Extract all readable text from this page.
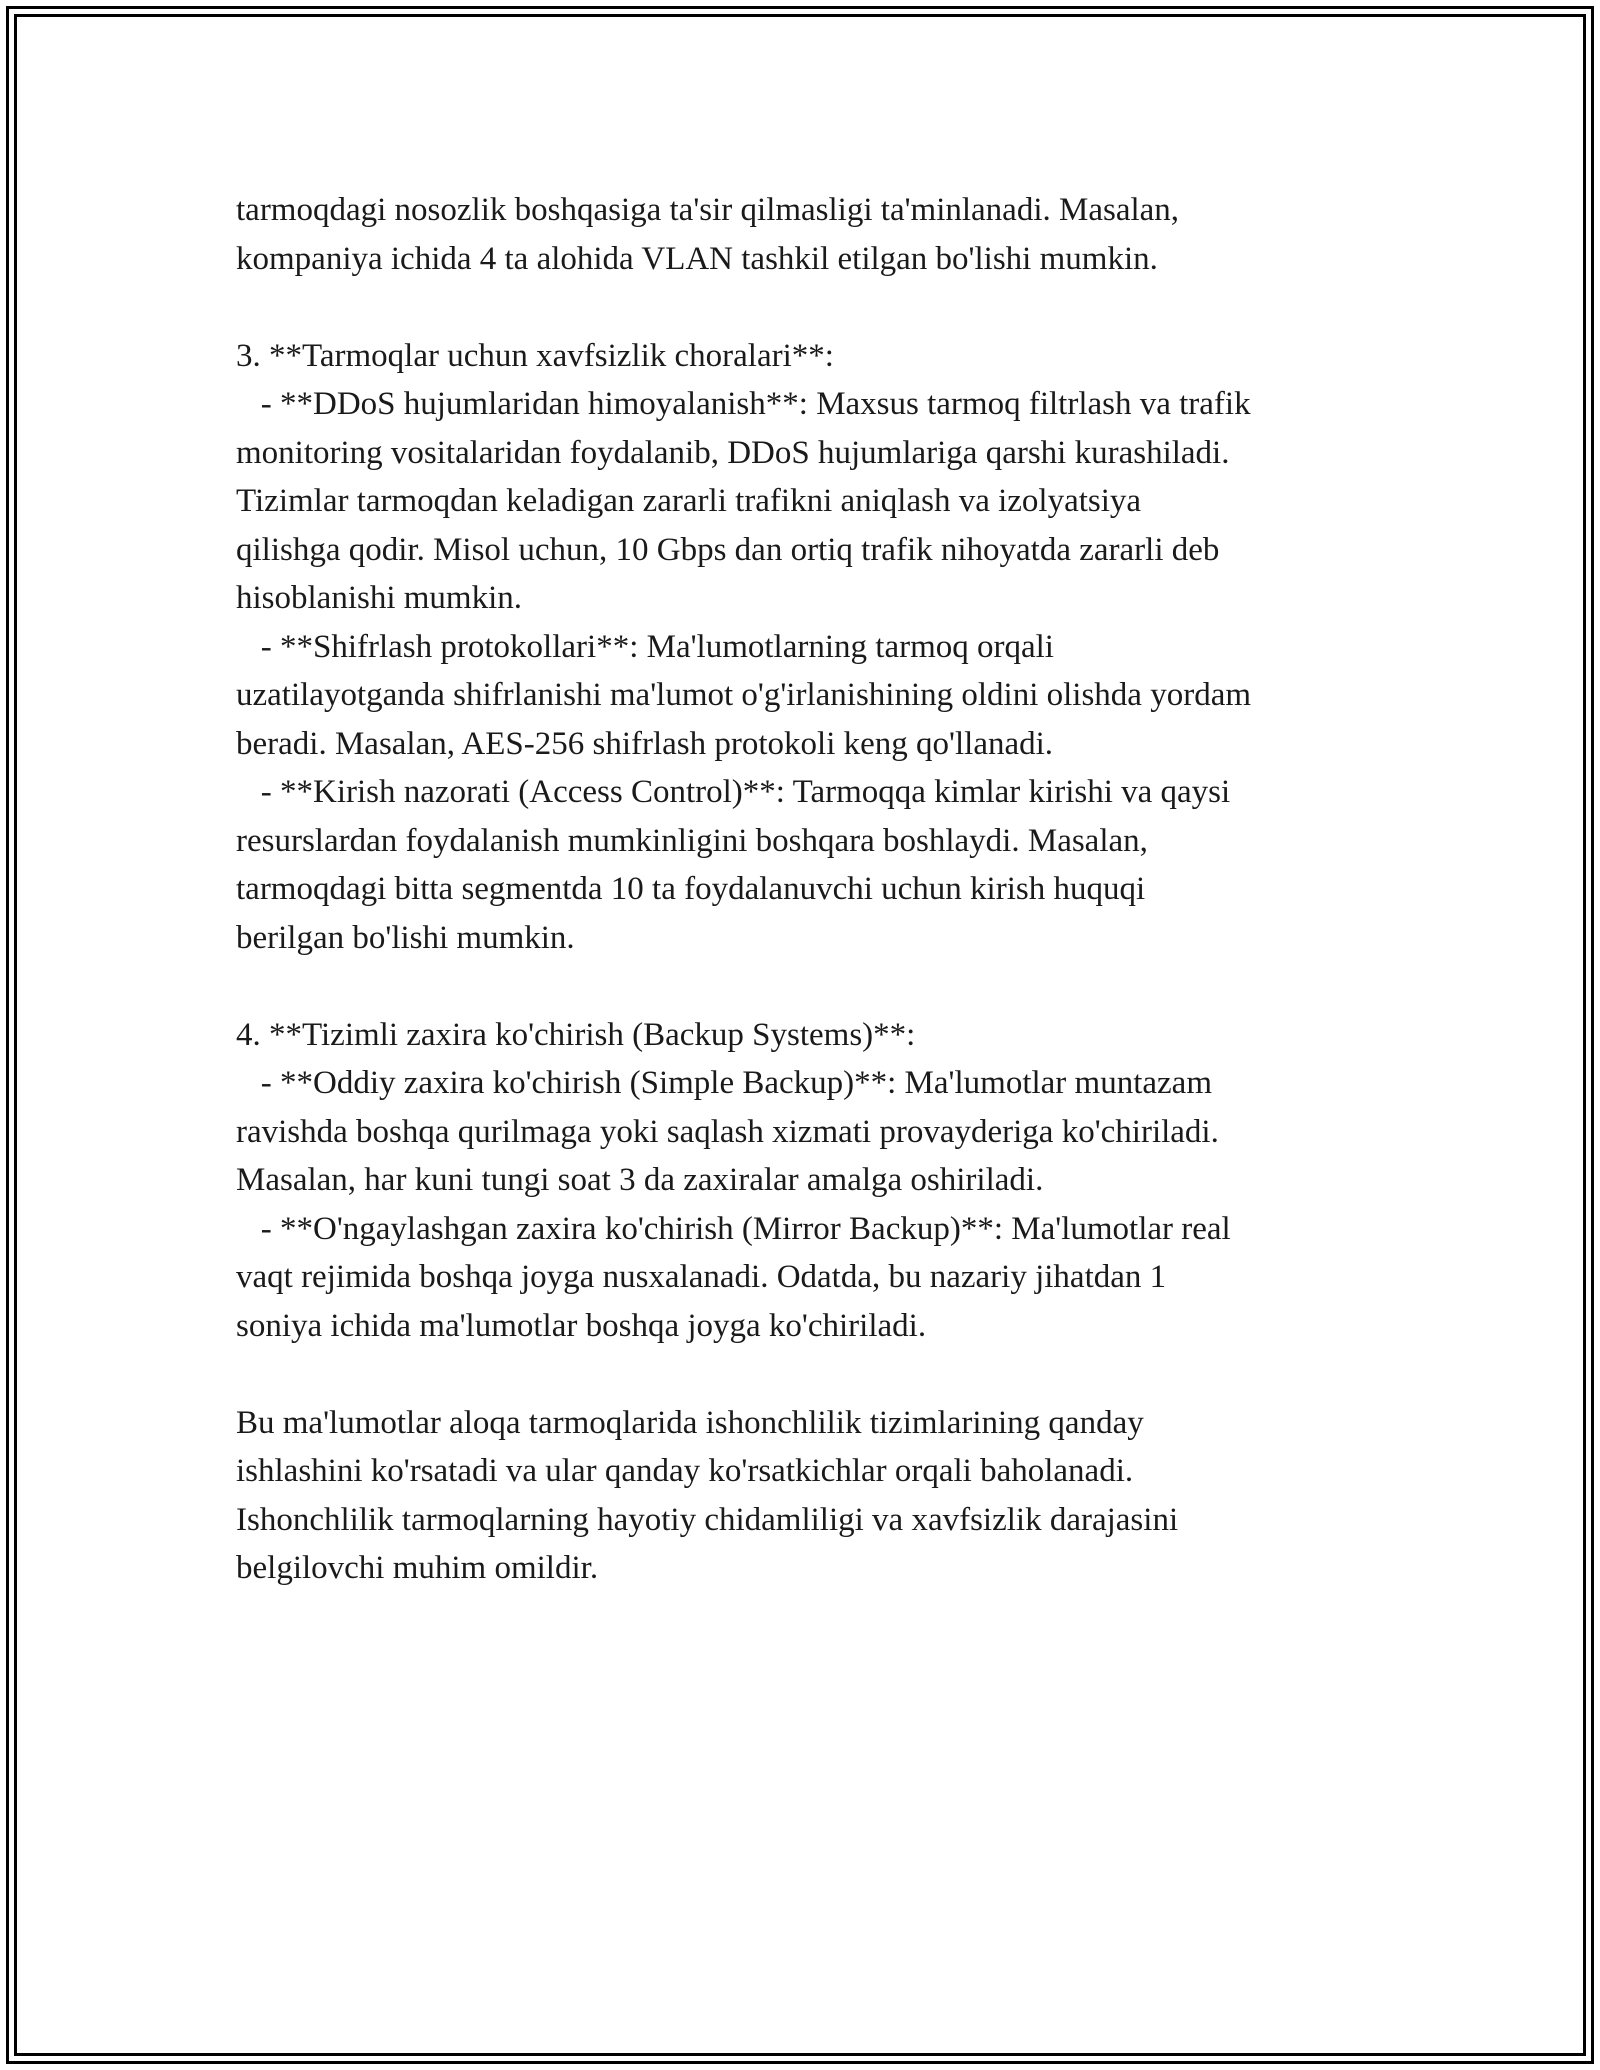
tarmoqdagi nosozlik boshqasiga ta'sir qilmasligi ta'minlanadi. Masalan,
kompaniya ichida 4 ta alohida VLAN tashkil etilgan bo'lishi mumkin.
3. **Tarmoqlar uchun xavfsizlik choralari**:
- **DDoS hujumlaridan himoyalanish**: Maxsus tarmoq filtrlash va trafik
monitoring vositalaridan foydalanib, DDoS hujumlariga qarshi kurashiladi.
Tizimlar tarmoqdan keladigan zararli trafikni aniqlash va izolyatsiya
qilishga qodir. Misol uchun, 10 Gbps dan ortiq trafik nihoyatda zararli deb
hisoblanishi mumkin.
- **Shifrlash protokollari**: Ma'lumotlarning tarmoq orqali
uzatilayotganda shifrlanishi ma'lumot o'g'irlanishining oldini olishda yordam
beradi. Masalan, AES-256 shifrlash protokoli keng qo'llanadi.
- **Kirish nazorati (Access Control)**: Tarmoqqa kimlar kirishi va qaysi
resurslardan foydalanish mumkinligini boshqara boshlaydi. Masalan,
tarmoqdagi bitta segmentda 10 ta foydalanuvchi uchun kirish huquqi
berilgan bo'lishi mumkin.
4. **Tizimli zaxira ko'chirish (Backup Systems)**:
- **Oddiy zaxira ko'chirish (Simple Backup)**: Ma'lumotlar muntazam
ravishda boshqa qurilmaga yoki saqlash xizmati provayderiga ko'chiriladi.
Masalan, har kuni tungi soat 3 da zaxiralar amalga oshiriladi.
- **O'ngaylashgan zaxira ko'chirish (Mirror Backup)**: Ma'lumotlar real
vaqt rejimida boshqa joyga nusxalanadi. Odatda, bu nazariy jihatdan 1
soniya ichida ma'lumotlar boshqa joyga ko'chiriladi.
Bu ma'lumotlar aloqa tarmoqlarida ishonchlilik tizimlarining qanday
ishlashini ko'rsatadi va ular qanday ko'rsatkichlar orqali baholanadi.
Ishonchlilik tarmoqlarning hayotiy chidamliligi va xavfsizlik darajasini
belgilovchi muhim omildir.
